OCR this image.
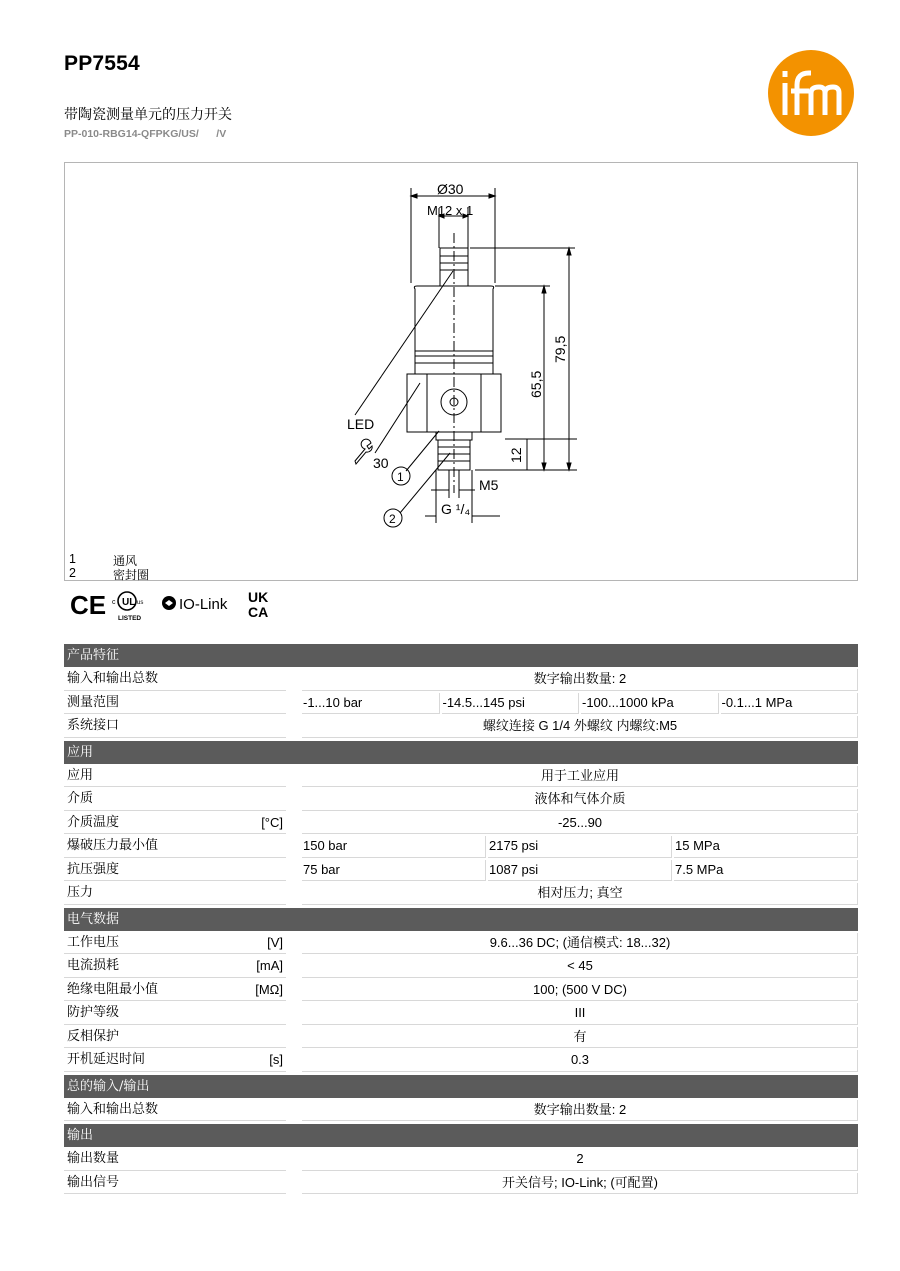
PP7554
带陶瓷测量单元的压力开关
PP-010-RBG14-QFPKG/US/      /V
Ø30
M12 x 1
79,5
65,5
12
LED
30
M5
G ¹/₄
1
2
1	通风
2	密封圈
CE UL
c	us
LISTED
IO-Link UK
CA
产品特征
输入和输出总数	数字输出数量: 2
测量范围	-1...10 bar	-14.5...145 psi	-100...1000 kPa	-0.1...1 MPa
系统接口	螺纹连接 G 1/4 外螺纹 内螺纹:M5
应用
应用	用于工业应用
介质	液体和气体介质
介质温度	[°C]	-25...90
爆破压力最小值	150 bar	2175 psi	15 MPa
抗压强度	75 bar	1087 psi	7.5 MPa
压力	相对压力; 真空
电气数据
工作电压	[V]	9.6...36 DC; (通信模式: 18...32)
电流损耗	[mA]	< 45
绝缘电阻最小值	[MΩ]	100; (500 V DC)
防护等级	III
反相保护	有
开机延迟时间	[s]	0.3
总的输入/输出
输入和输出总数	数字输出数量: 2
输出
输出数量	2
输出信号	开关信号; IO-Link; (可配置)
